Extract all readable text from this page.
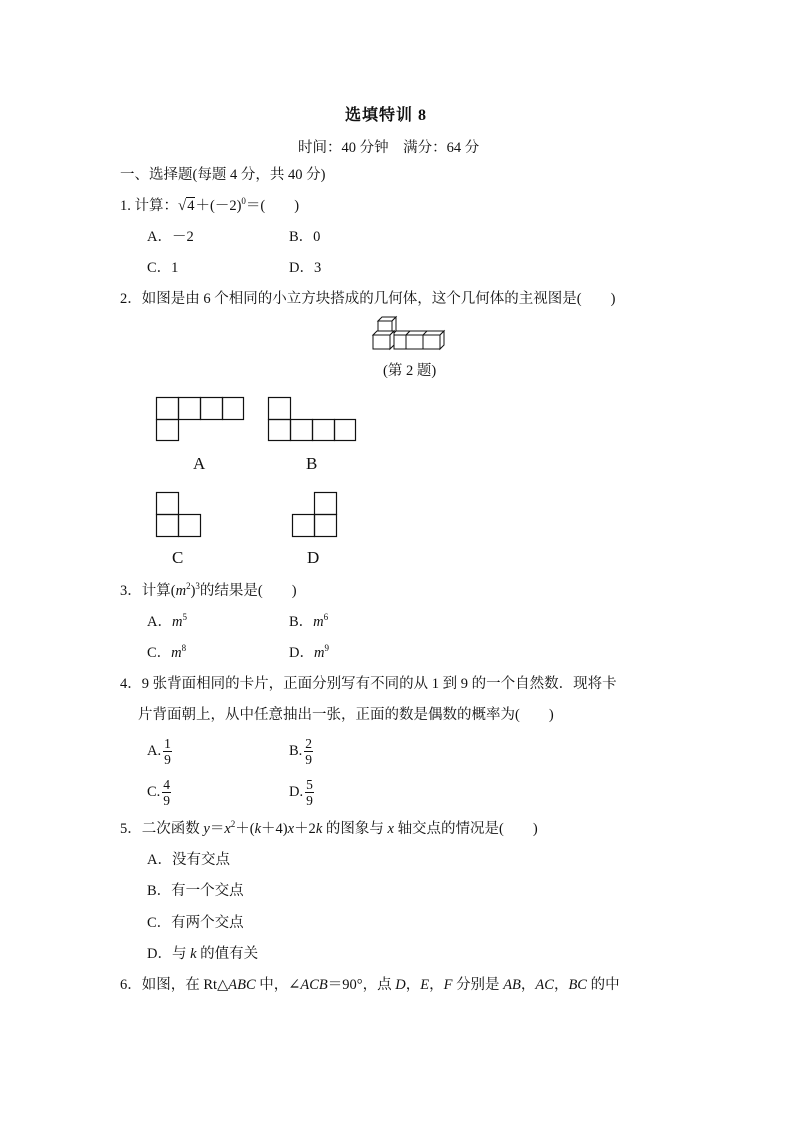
选填特训 8
时间：40 分钟　满分：64 分
一、选择题(每题 4 分，共 40 分)
1. 计算：$√4+(-2)^0=$(　　)
A．－2	B．0
C．1	D．3
2．如图是由 6 个相同的小立方块搭成的几何体，这个几何体的主视图是(　　)
(第 2 题)
A	B
C	D
3．计算$(m^2)^3$的结果是(　　)
A．$m^5$	B．$m^6$
C．$m^8$	D．$m^9$
4．9 张背面相同的卡片，正面分别写有不同的从 1 到 9 的一个自然数．现将卡
片背面朝上，从中任意抽出一张，正面的数是偶数的概率为(　　)
A. $\frac{1}{9}$	B. $\frac{2}{9}$
C. $\frac{4}{9}$	D. $\frac{5}{9}$
5．二次函数 $y=x^2+(k+4)x+2k$ 的图象与 x 轴交点的情况是(　　)
A．没有交点
B．有一个交点
C．有两个交点
D．与 k 的值有关
6．如图，在 Rt△ABC 中，∠ACB＝90°，点 D，E，F 分别是 AB，AC，BC 的中
